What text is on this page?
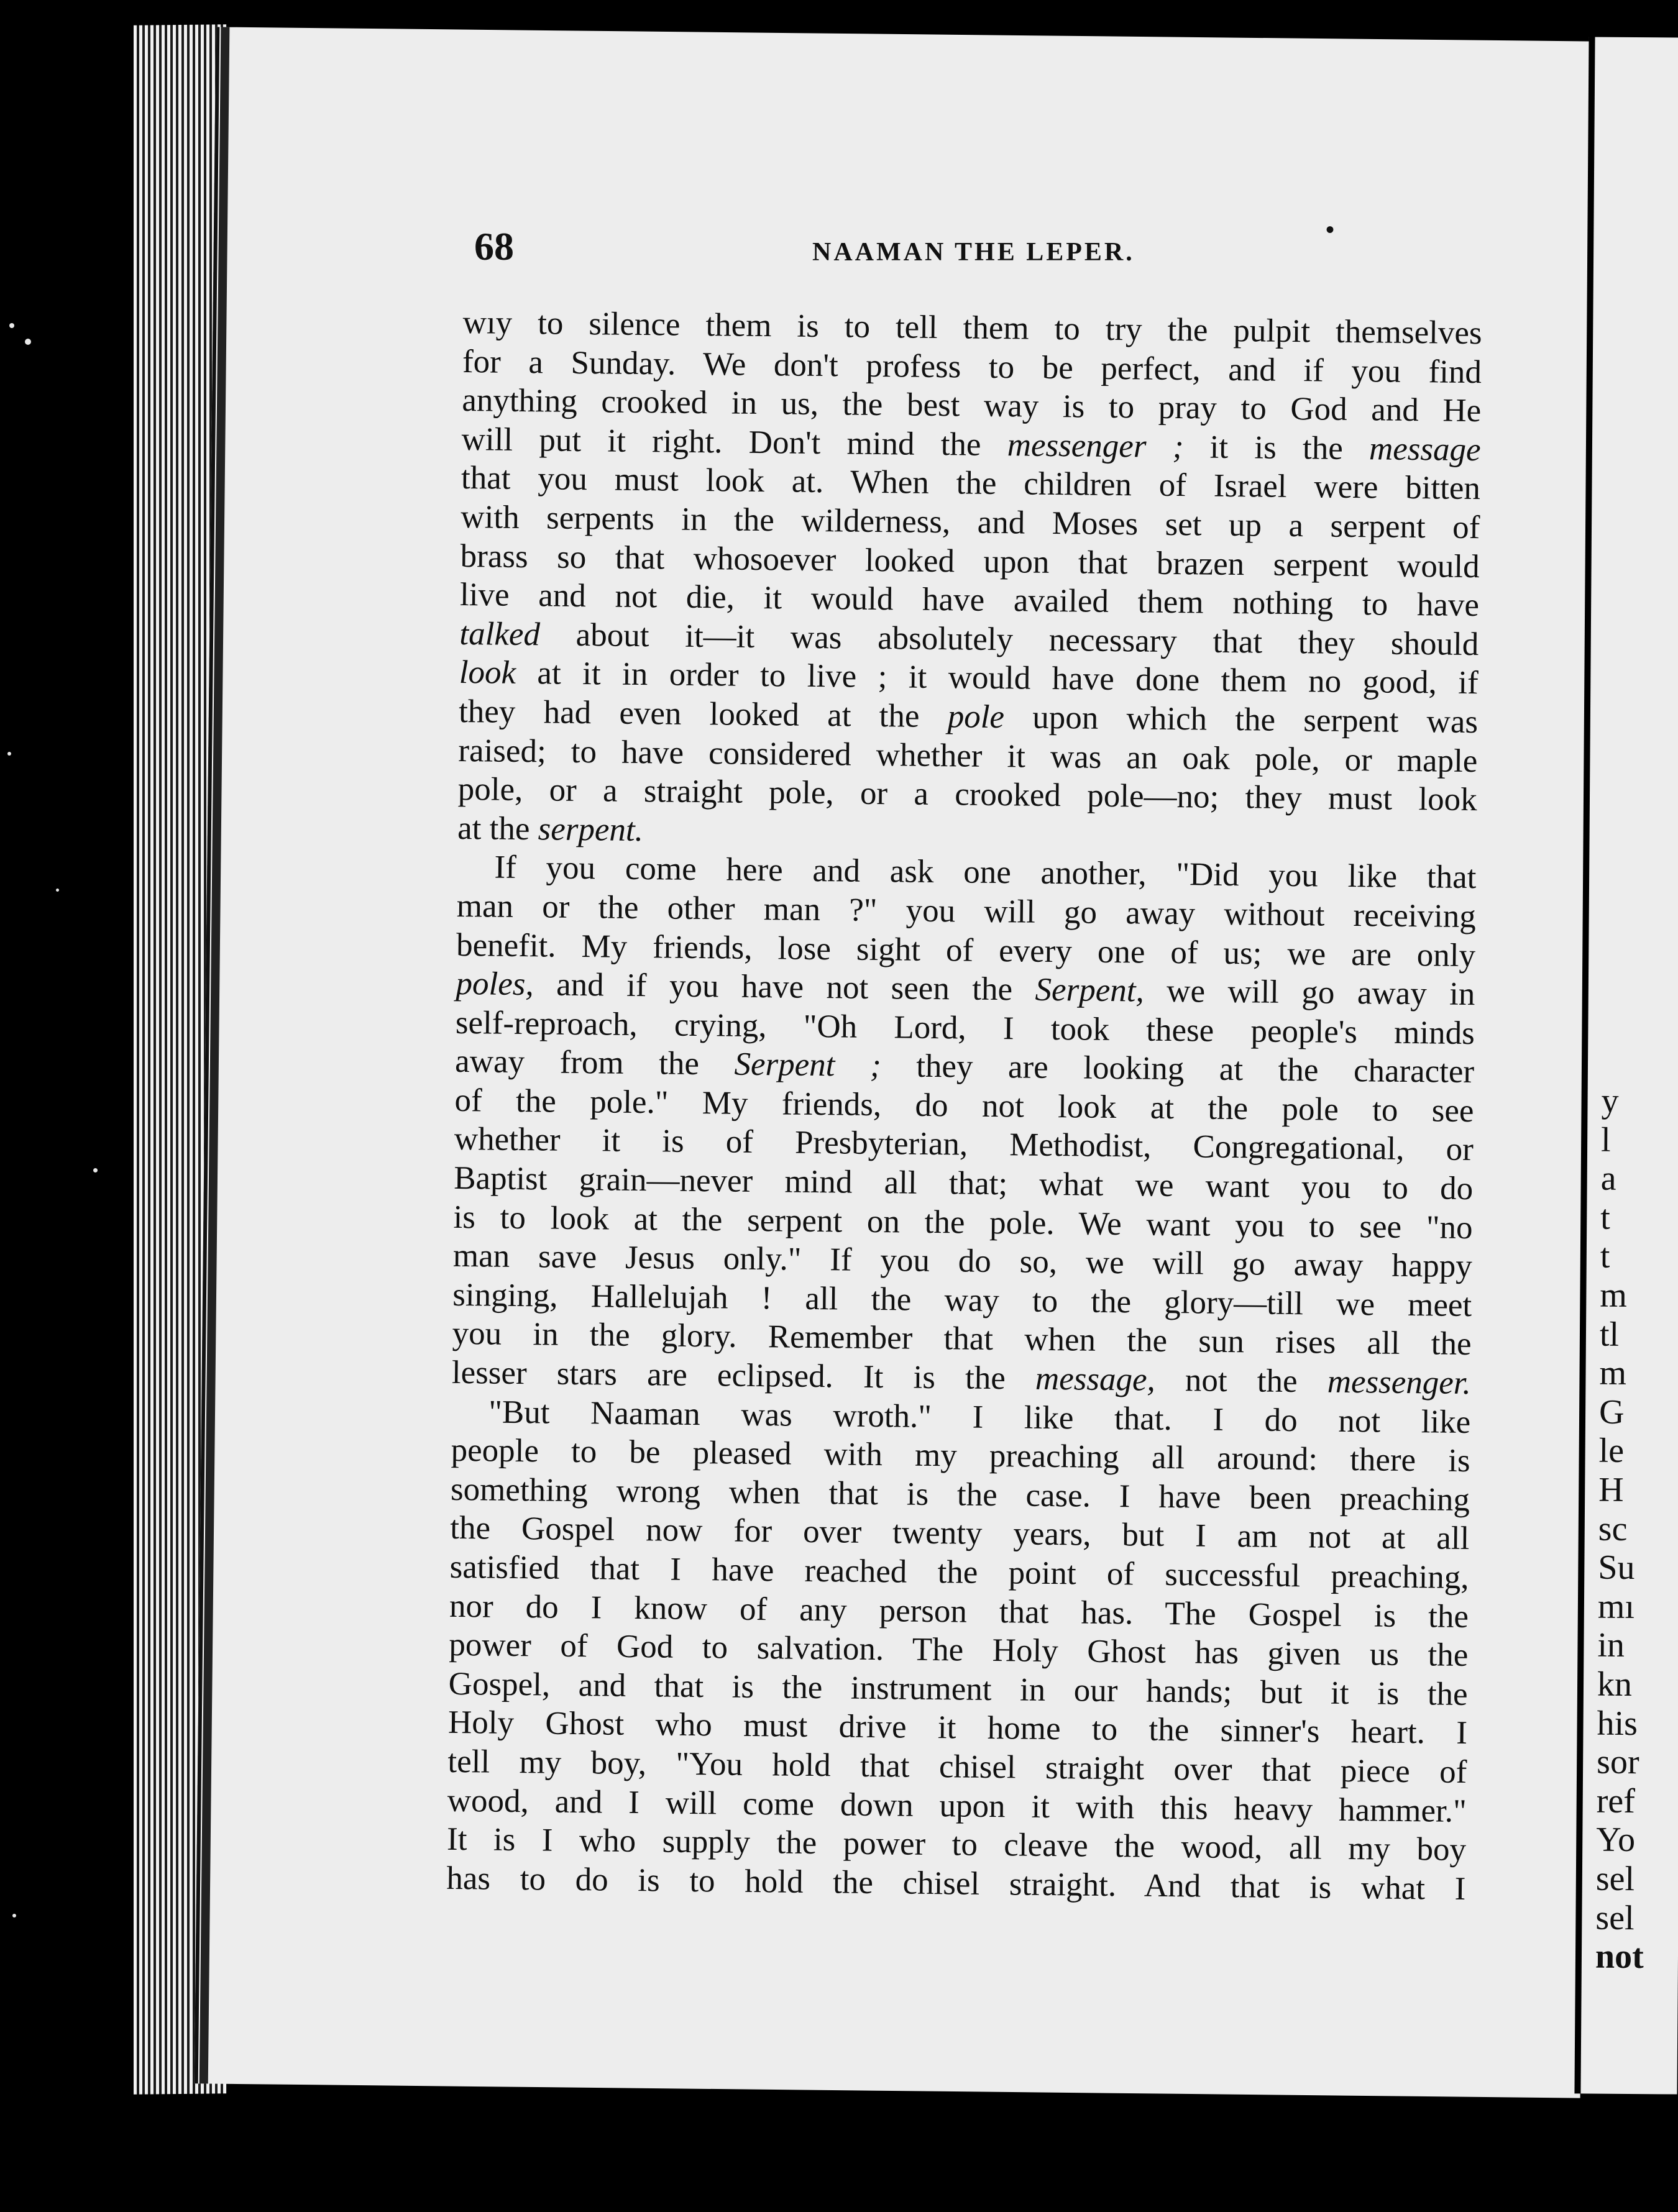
y
l
a
t
t
m
tl
m
G
le
H
sc
Su
mı
in
kn
his
sor
ref
Yo
sel
sel
not
68	•
NAAMAN THE LEPER.
wıy to silence them is to tell them to try the pulpit themselves
for a Sunday. We don't profess to be perfect, and if you find
anything crooked in us, the best way is to pray to God and He
will put it right. Don't mind the messenger ; it is the message
that you must look at. When the children of Israel were bitten
with serpents in the wilderness, and Moses set up a serpent of
brass so that whosoever looked upon that brazen serpent would
live and not die, it would have availed them nothing to have
talked about it—it was absolutely necessary that they should
look at it in order to live ; it would have done them no good, if
they had even looked at the pole upon which the serpent was
raised; to have considered whether it was an oak pole, or maple
pole, or a straight pole, or a crooked pole—no; they must look
at the serpent.
If you come here and ask one another, "Did you like that
man or the other man ?" you will go away without receiving
benefit. My friends, lose sight of every one of us; we are only
poles, and if you have not seen the Serpent, we will go away in
self-reproach, crying, "Oh Lord, I took these people's minds
away from the Serpent ; they are looking at the character
of the pole." My friends, do not look at the pole to see
whether it is of Presbyterian, Methodist, Congregational, or
Baptist grain—never mind all that; what we want you to do
is to look at the serpent on the pole. We want you to see "no
man save Jesus only." If you do so, we will go away happy
singing, Hallelujah ! all the way to the glory—till we meet
you in the glory. Remember that when the sun rises all the
lesser stars are eclipsed. It is the message, not the messenger.
"But Naaman was wroth." I like that. I do not like
people to be pleased with my preaching all around: there is
something wrong when that is the case. I have been preaching
the Gospel now for over twenty years, but I am not at all
satisfied that I have reached the point of successful preaching,
nor do I know of any person that has. The Gospel is the
power of God to salvation. The Holy Ghost has given us the
Gospel, and that is the instrument in our hands; but it is the
Holy Ghost who must drive it home to the sinner's heart. I
tell my boy, "You hold that chisel straight over that piece of
wood, and I will come down upon it with this heavy hammer."
It is I who supply the power to cleave the wood, all my boy
has to do is to hold the chisel straight. And that is what I
